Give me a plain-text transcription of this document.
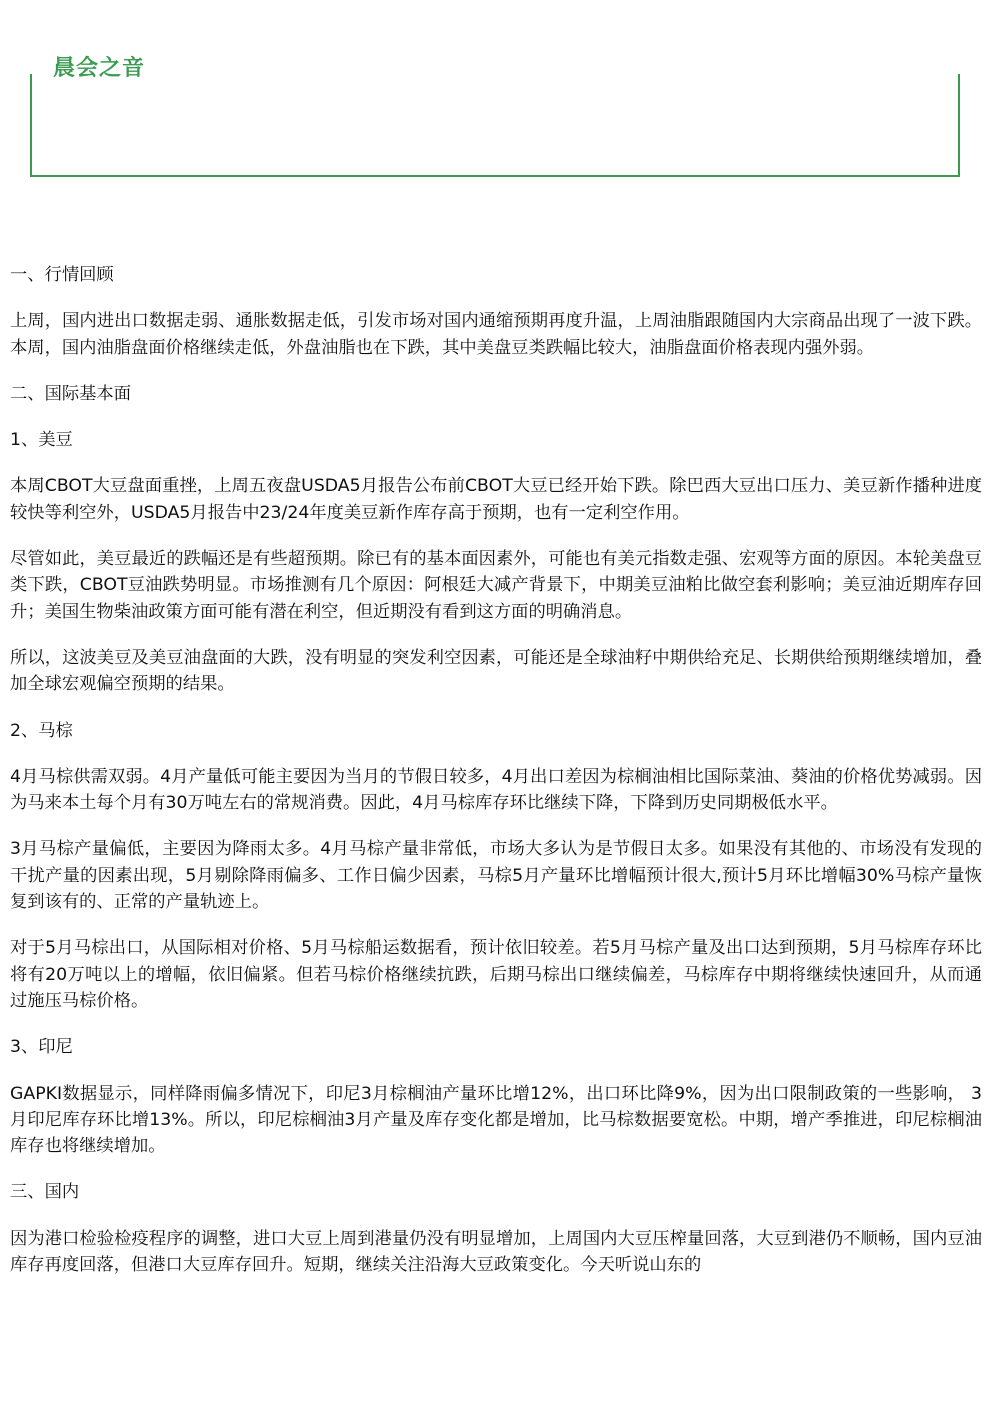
晨会之音

一、行情回顾

上周，国内进出口数据走弱、通胀数据走低，引发市场对国内通缩预期再度升温，上周油脂跟随国内大宗商品出现了一波下跌。本周，国内油脂盘面价格继续走低，外盘油脂也在下跌，其中美盘豆类跌幅比较大，油脂盘面价格表现内强外弱。

二、国际基本面

1、美豆

本周CBOT大豆盘面重挫，上周五夜盘USDA5月报告公布前CBOT大豆已经开始下跌。除巴西大豆出口压力、美豆新作播种进度较快等利空外，USDA5月报告中23/24年度美豆新作库存高于预期，也有一定利空作用。

尽管如此，美豆最近的跌幅还是有些超预期。除已有的基本面因素外，可能也有美元指数走强、宏观等方面的原因。本轮美盘豆类下跌，CBOT豆油跌势明显。市场推测有几个原因：阿根廷大减产背景下，中期美豆油粕比做空套利影响；美豆油近期库存回升；美国生物柴油政策方面可能有潜在利空，但近期没有看到这方面的明确消息。

所以，这波美豆及美豆油盘面的大跌，没有明显的突发利空因素，可能还是全球油籽中期供给充足、长期供给预期继续增加，叠加全球宏观偏空预期的结果。

2、马棕

4月马棕供需双弱。4月产量低可能主要因为当月的节假日较多，4月出口差因为棕榈油相比国际菜油、葵油的价格优势减弱。因为马来本土每个月有30万吨左右的常规消费。因此，4月马棕库存环比继续下降，下降到历史同期极低水平。

3月马棕产量偏低，主要因为降雨太多。4月马棕产量非常低，市场大多认为是节假日太多。如果没有其他的、市场没有发现的干扰产量的因素出现，5月剔除降雨偏多、工作日偏少因素，马棕5月产量环比增幅预计很大,预计5月环比增幅30%马棕产量恢复到该有的、正常的产量轨迹上。

对于5月马棕出口，从国际相对价格、5月马棕船运数据看，预计依旧较差。若5月马棕产量及出口达到预期，5月马棕库存环比将有20万吨以上的增幅，依旧偏紧。但若马棕价格继续抗跌，后期马棕出口继续偏差，马棕库存中期将继续快速回升，从而通过施压马棕价格。

3、印尼

GAPKI数据显示，同样降雨偏多情况下，印尼3月棕榈油产量环比增12%，出口环比降9%，因为出口限制政策的一些影响， 3月印尼库存环比增13%。所以，印尼棕榈油3月产量及库存变化都是增加，比马棕数据要宽松。中期，增产季推进，印尼棕榈油库存也将继续增加。

三、国内

因为港口检验检疫程序的调整，进口大豆上周到港量仍没有明显增加，上周国内大豆压榨量回落，大豆到港仍不顺畅，国内豆油库存再度回落，但港口大豆库存回升。短期，继续关注沿海大豆政策变化。今天听说山东的
